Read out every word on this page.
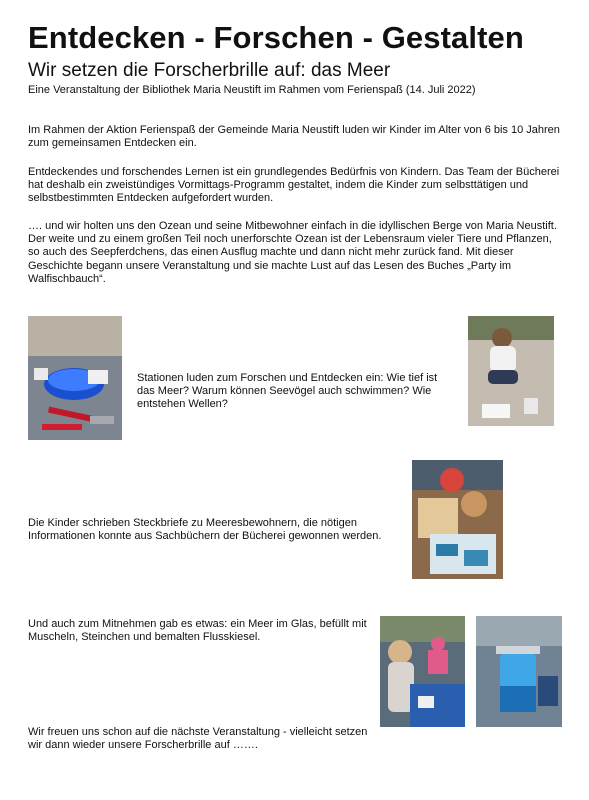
Entdecken - Forschen - Gestalten
Wir setzen die Forscherbrille auf: das Meer
Eine Veranstaltung der Bibliothek Maria Neustift im Rahmen vom Ferienspaß (14. Juli 2022)

Im Rahmen der Aktion Ferienspaß der Gemeinde Maria Neustift luden wir Kinder im Alter von 6 bis 10 Jahren zum gemeinsamen Entdecken ein.

Entdeckendes und forschendes Lernen ist ein grundlegendes Bedürfnis von Kindern. Das Team der Bücherei hat deshalb ein zweistündiges Vormittags-Programm gestaltet, indem die Kinder zum selbsttätigen und selbstbestimmten Entdecken aufgefordert wurden.

…. und wir holten uns den Ozean und seine Mitbewohner einfach in die idyllischen Berge von Maria Neustift. Der weite und zu einem großen Teil noch unerforschte Ozean ist der Lebensraum vieler Tiere und Pflanzen, so auch des Seepferdchens, das einen Ausflug machte und dann nicht mehr zurück fand. Mit dieser Geschichte begann unsere Veranstaltung und sie machte Lust auf das Lesen des Buches „Party im Walfischbauch“.

Stationen luden zum Forschen und Entdecken ein: Wie tief ist das Meer? Warum können Seevögel auch schwimmen? Wie entstehen Wellen?

Die Kinder schrieben Steckbriefe zu Meeresbewohnern, die nötigen Informationen konnte aus Sachbüchern der Bücherei gewonnen werden.

Und auch zum Mitnehmen gab es etwas: ein Meer im Glas, befüllt mit Muscheln, Steinchen und bemalten Flusskiesel.

Wir freuen uns schon auf die nächste Veranstaltung - vielleicht setzen wir dann wieder unsere Forscherbrille auf …….
